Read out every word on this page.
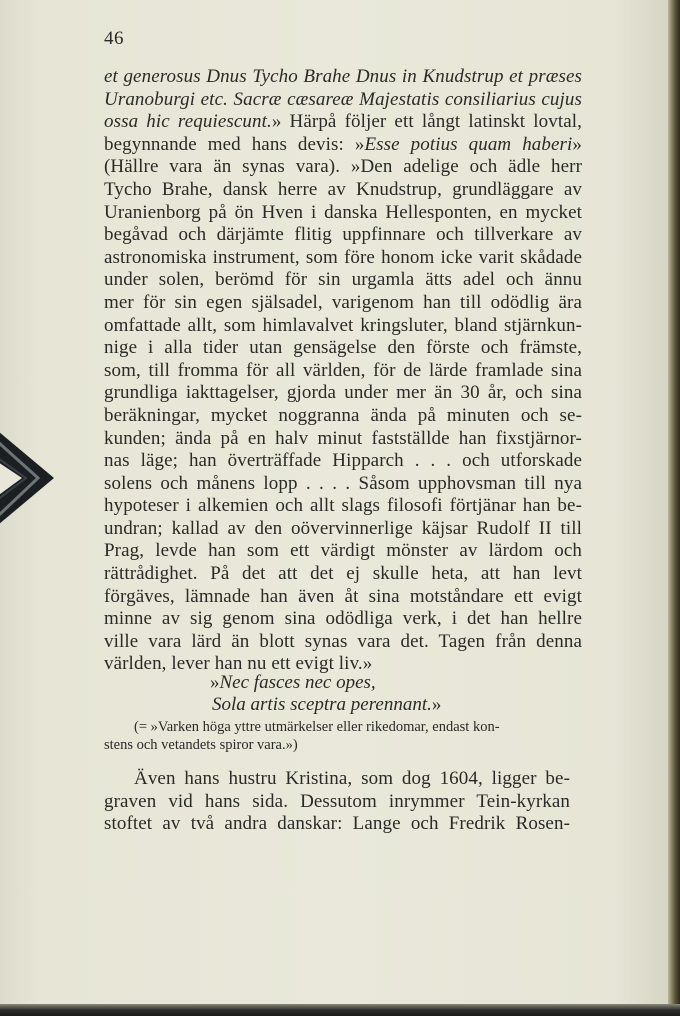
46
et generosus Dnus Tycho Brahe Dnus in Knudstrup et præses
Uranoburgi etc. Sacræ cæsareæ Majestatis consiliarius cujus
ossa hic requiescunt.» Härpå följer ett långt latinskt lovtal,
begynnande med hans devis: »Esse potius quam haberi»
(Hällre vara än synas vara). »Den adelige och ädle herr
Tycho Brahe, dansk herre av Knudstrup, grundläggare av
Uranienborg på ön Hven i danska Hellesponten, en mycket
begåvad och därjämte flitig uppfinnare och tillverkare av
astronomiska instrument, som före honom icke varit skådade
under solen, berömd för sin urgamla ätts adel och ännu
mer för sin egen själsadel, varigenom han till odödlig ära
omfattade allt, som himlavalvet kringsluter, bland stjärnkun-
nige i alla tider utan gensägelse den förste och främste,
som, till fromma för all världen, för de lärde framlade sina
grundliga iakttagelser, gjorda under mer än 30 år, och sina
beräkningar, mycket noggranna ända på minuten och se-
kunden; ända på en halv minut fastställde han fixstjärnor-
nas läge; han överträffade Hipparch . . . och utforskade
solens och månens lopp . . . . Såsom upphovsman till nya
hypoteser i alkemien och allt slags filosofi förtjänar han be-
undran; kallad av den oövervinnerlige käjsar Rudolf II till
Prag, levde han som ett värdigt mönster av lärdom och
rättrådighet. På det att det ej skulle heta, att han levt
förgäves, lämnade han även åt sina motståndare ett evigt
minne av sig genom sina odödliga verk, i det han hellre
ville vara lärd än blott synas vara det. Tagen från denna
världen, lever han nu ett evigt liv.»
»Nec fasces nec opes,
Sola artis sceptra perennant.»
(= »Varken höga yttre utmärkelser eller rikedomar, endast kon-
stens och vetandets spiror vara.»)
Även hans hustru Kristina, som dog 1604, ligger be-
graven vid hans sida. Dessutom inrymmer Tein-kyrkan
stoftet av två andra danskar: Lange och Fredrik Rosen-
